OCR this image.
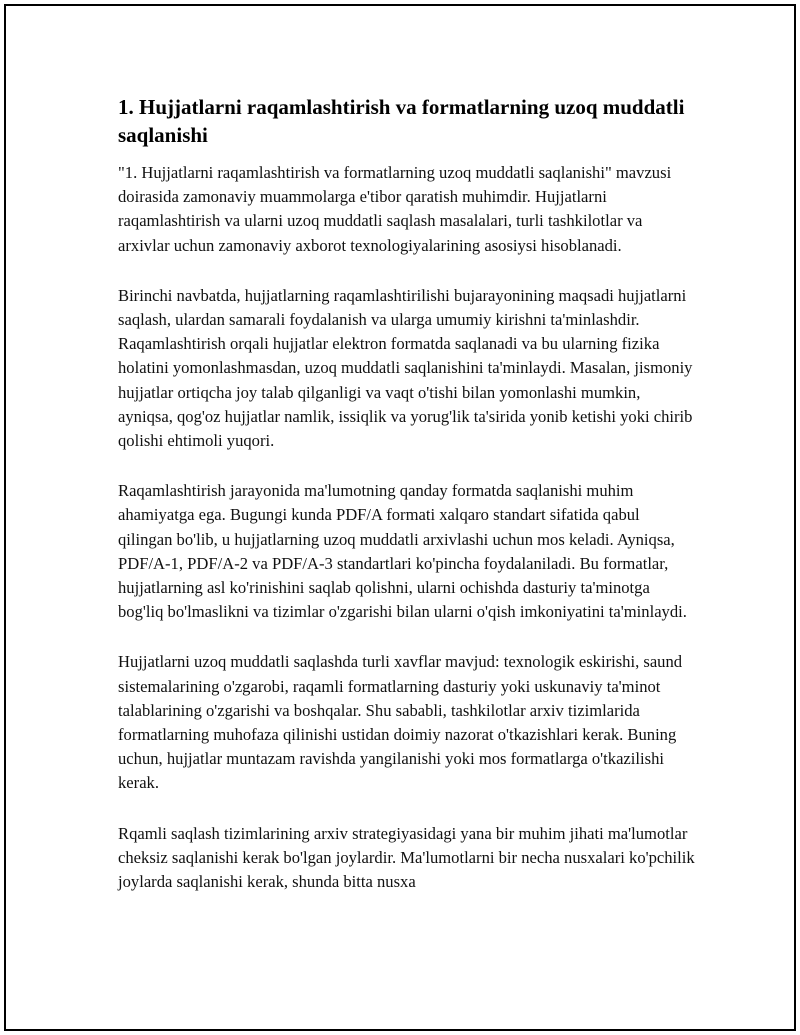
1. Hujjatlarni raqamlashtirish va formatlarning uzoq muddatli saqlanishi

"1. Hujjatlarni raqamlashtirish va formatlarning uzoq muddatli saqlanishi" mavzusi doirasida zamonaviy muammolarga e'tibor qaratish muhimdir. Hujjatlarni raqamlashtirish va ularni uzoq muddatli saqlash masalalari, turli tashkilotlar va arxivlar uchun zamonaviy axborot texnologiyalarining asosiysi hisoblanadi.

Birinchi navbatda, hujjatlarning raqamlashtirilishi bujarayonining maqsadi hujjatlarni saqlash, ulardan samarali foydalanish va ularga umumiy kirishni ta'minlashdir. Raqamlashtirish orqali hujjatlar elektron formatda saqlanadi va bu ularning fizika holatini yomonlashmasdan, uzoq muddatli saqlanishini ta'minlaydi. Masalan, jismoniy hujjatlar ortiqcha joy talab qilganligi va vaqt o'tishi bilan yomonlashi mumkin, ayniqsa, qog'oz hujjatlar namlik, issiqlik va yorug'lik ta'sirida yonib ketishi yoki chirib qolishi ehtimoli yuqori.

Raqamlashtirish jarayonida ma'lumotning qanday formatda saqlanishi muhim ahamiyatga ega. Bugungi kunda PDF/A formati xalqaro standart sifatida qabul qilingan bo'lib, u hujjatlarning uzoq muddatli arxivlashi uchun mos keladi. Ayniqsa, PDF/A-1, PDF/A-2 va PDF/A-3 standartlari ko'pincha foydalaniladi. Bu formatlar, hujjatlarning asl ko'rinishini saqlab qolishni, ularni ochishda dasturiy ta'minotga bog'liq bo'lmaslikni va tizimlar o'zgarishi bilan ularni o'qish imkoniyatini ta'minlaydi.

Hujjatlarni uzoq muddatli saqlashda turli xavflar mavjud: texnologik eskirishi, saund sistemalarining o'zgarobi, raqamli formatlarning dasturiy yoki uskunaviy ta'minot talablarining o'zgarishi va boshqalar. Shu sababli, tashkilotlar arxiv tizimlarida formatlarning muhofaza qilinishi ustidan doimiy nazorat o'tkazishlari kerak. Buning uchun, hujjatlar muntazam ravishda yangilanishi yoki mos formatlarga o'tkazilishi kerak.

Rqamli saqlash tizimlarining arxiv strategiyasidagi yana bir muhim jihati ma'lumotlar cheksiz saqlanishi kerak bo'lgan joylardir. Ma'lumotlarni bir necha nusxalari ko'pchilik joylarda saqlanishi kerak, shunda bitta nusxa
